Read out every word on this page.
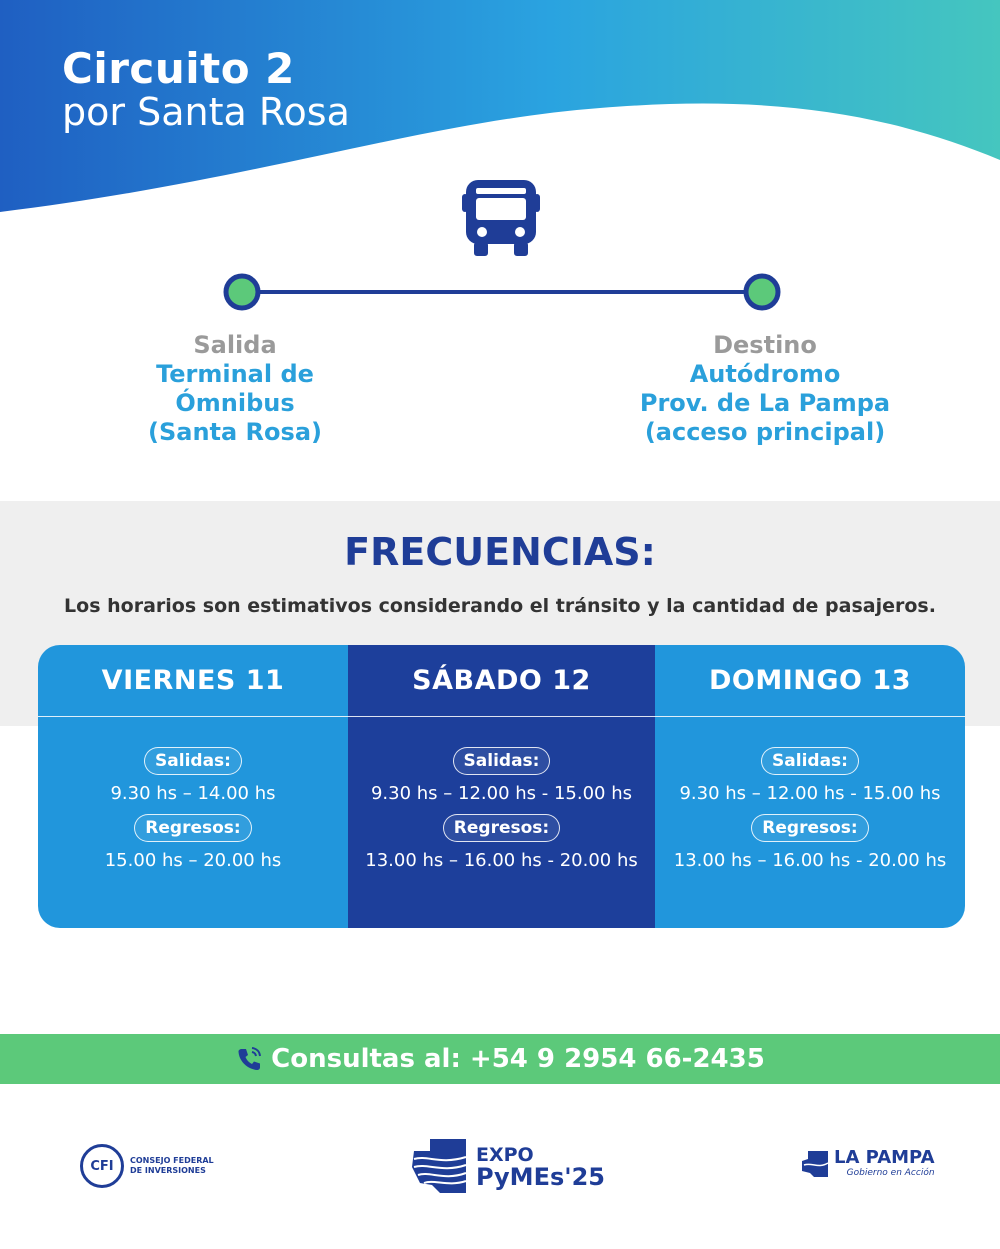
Circuito 2
por Santa Rosa
Salida
Terminal de
Ómnibus
(Santa Rosa)
Destino
Autódromo
Prov. de La Pampa
(acceso principal)
FRECUENCIAS:
Los horarios son estimativos considerando el tránsito y la cantidad de pasajeros.
VIERNES 11
Salidas:
9.30 hs – 14.00 hs
Regresos:
15.00 hs – 20.00 hs
SÁBADO 12
Salidas:
9.30 hs – 12.00 hs - 15.00 hs
Regresos:
13.00 hs – 16.00 hs - 20.00 hs
DOMINGO 13
Salidas:
9.30 hs – 12.00 hs - 15.00 hs
Regresos:
13.00 hs – 16.00 hs - 20.00 hs
Consultas al: +54 9 2954 66-2435
CFI	CONSEJO FEDERAL
DE INVERSIONES
EXPO
PyMEs'25
LA PAMPA
Gobierno en Acción
